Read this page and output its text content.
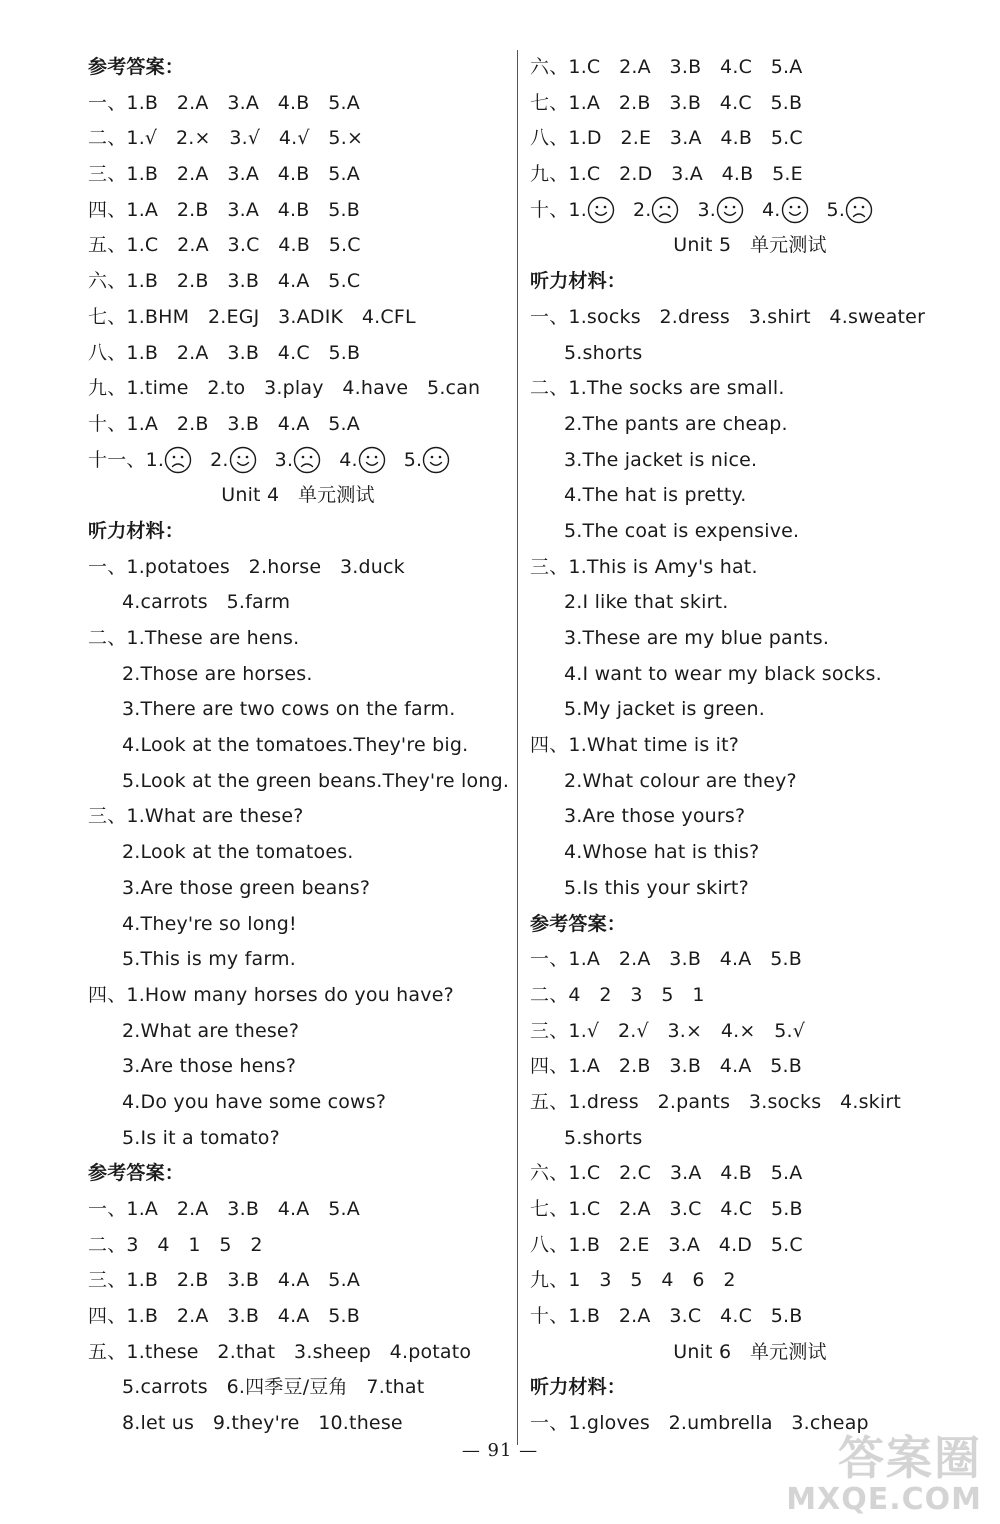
参考答案：
一、1.B   2.A   3.A   4.B   5.A
二、1.√   2.×   3.√   4.√   5.×
三、1.B   2.A   3.A   4.B   5.A
四、1.A   2.B   3.A   4.B   5.B
五、1.C   2.A   3.C   4.B   5.C
六、1.B   2.B   3.B   4.A   5.C
七、1.BHM   2.EGJ   3.ADIK   4.CFL
八、1.B   2.A   3.B   4.C   5.B
九、1.time   2.to   3.play   4.have   5.can
十、1.A   2.B   3.B   4.A   5.A
十一、1. 2. 3. 4. 5.
Unit 4   单元测试
听力材料：
一、1.potatoes   2.horse   3.duck
4.carrots   5.farm
二、1.These are hens.
2.Those are horses.
3.There are two cows on the farm.
4.Look at the tomatoes.They're big.
5.Look at the green beans.They're long.
三、1.What are these?
2.Look at the tomatoes.
3.Are those green beans?
4.They're so long!
5.This is my farm.
四、1.How many horses do you have?
2.What are these?
3.Are those hens?
4.Do you have some cows?
5.Is it a tomato?
参考答案：
一、1.A   2.A   3.B   4.A   5.A
二、3   4   1   5   2
三、1.B   2.B   3.B   4.A   5.A
四、1.B   2.A   3.B   4.A   5.B
五、1.these   2.that   3.sheep   4.potato
5.carrots   6.四季豆/豆角   7.that
8.let us   9.they're   10.these
六、1.C   2.A   3.B   4.C   5.A
七、1.A   2.B   3.B   4.C   5.B
八、1.D   2.E   3.A   4.B   5.C
九、1.C   2.D   3.A   4.B   5.E
十、1. 2. 3. 4. 5.
Unit 5   单元测试
听力材料：
一、1.socks   2.dress   3.shirt   4.sweater
5.shorts
二、1.The socks are small.
2.The pants are cheap.
3.The jacket is nice.
4.The hat is pretty.
5.The coat is expensive.
三、1.This is Amy's hat.
2.I like that skirt.
3.These are my blue pants.
4.I want to wear my black socks.
5.My jacket is green.
四、1.What time is it?
2.What colour are they?
3.Are those yours?
4.Whose hat is this?
5.Is this your skirt?
参考答案：
一、1.A   2.A   3.B   4.A   5.B
二、4   2   3   5   1
三、1.√   2.√   3.×   4.×   5.√
四、1.A   2.B   3.B   4.A   5.B
五、1.dress   2.pants   3.socks   4.skirt
5.shorts
六、1.C   2.C   3.A   4.B   5.A
七、1.C   2.A   3.C   4.C   5.B
八、1.B   2.E   3.A   4.D   5.C
九、1   3   5   4   6   2
十、1.B   2.A   3.C   4.C   5.B
Unit 6   单元测试
听力材料：
一、1.gloves   2.umbrella   3.cheap
— 91 —	答案圈
MXQE.COM
